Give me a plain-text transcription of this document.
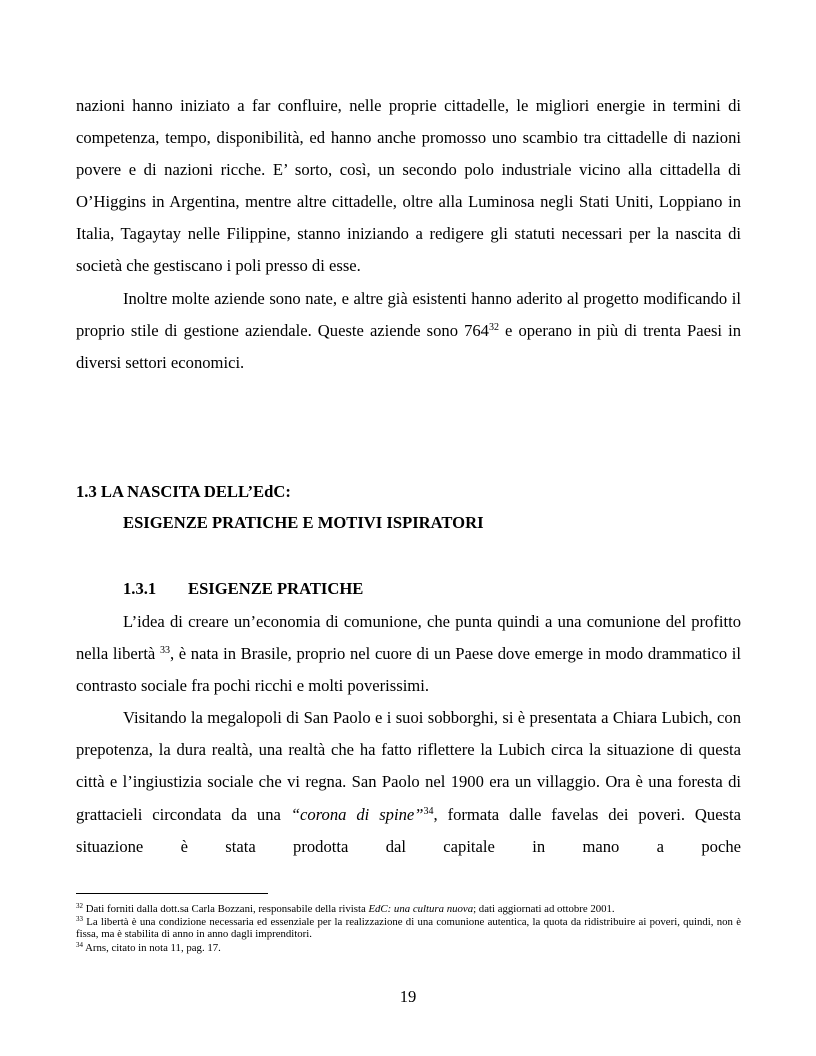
nazioni hanno iniziato a far confluire, nelle proprie cittadelle, le migliori energie in termini di competenza, tempo, disponibilità, ed hanno anche promosso uno scambio tra cittadelle di nazioni povere e di nazioni ricche. E’ sorto, così, un secondo polo industriale vicino alla cittadella di O’Higgins in Argentina, mentre altre cittadelle, oltre alla Luminosa negli Stati Uniti, Loppiano in Italia, Tagaytay nelle Filippine, stanno iniziando a redigere gli statuti necessari per la nascita di società che gestiscano i poli presso di esse.

Inoltre molte aziende sono nate, e altre già esistenti hanno aderito al progetto modificando il proprio stile di gestione aziendale. Queste aziende sono $764^{32}$ e operano in più di trenta Paesi in diversi settori economici.

1.3 LA NASCITA DELL’EdC:
ESIGENZE PRATICHE E MOTIVI ISPIRATORI
1.3.1 ESIGENZE PRATICHE

L’idea di creare un’economia di comunione, che punta quindi a una comunione del profitto nella libertà $^{33}$, è nata in Brasile, proprio nel cuore di un Paese dove emerge in modo drammatico il contrasto sociale fra pochi ricchi e molti poverissimi.

Visitando la megalopoli di San Paolo e i suoi sobborghi, si è presentata a Chiara Lubich, con prepotenza, la dura realtà, una realtà che ha fatto riflettere la Lubich circa la situazione di questa città e l’ingiustizia sociale che vi regna. San Paolo nel 1900 era un villaggio. Ora è una foresta di grattacieli circondata da una “corona di spine”$^{34}$, formata dalle favelas dei poveri. Questa situazione è stata prodotta dal capitale in mano a poche

$^{32}$ Dati forniti dalla dott.sa Carla Bozzani, responsabile della rivista EdC: una cultura nuova; dati aggiornati ad ottobre 2001.

$^{33}$ La libertà è una condizione necessaria ed essenziale per la realizzazione di una comunione autentica, la quota da ridistribuire ai poveri, quindi, non è fissa, ma è stabilita di anno in anno dagli imprenditori.

$^{34}$ Arns, citato in nota 11, pag. 17.

19
